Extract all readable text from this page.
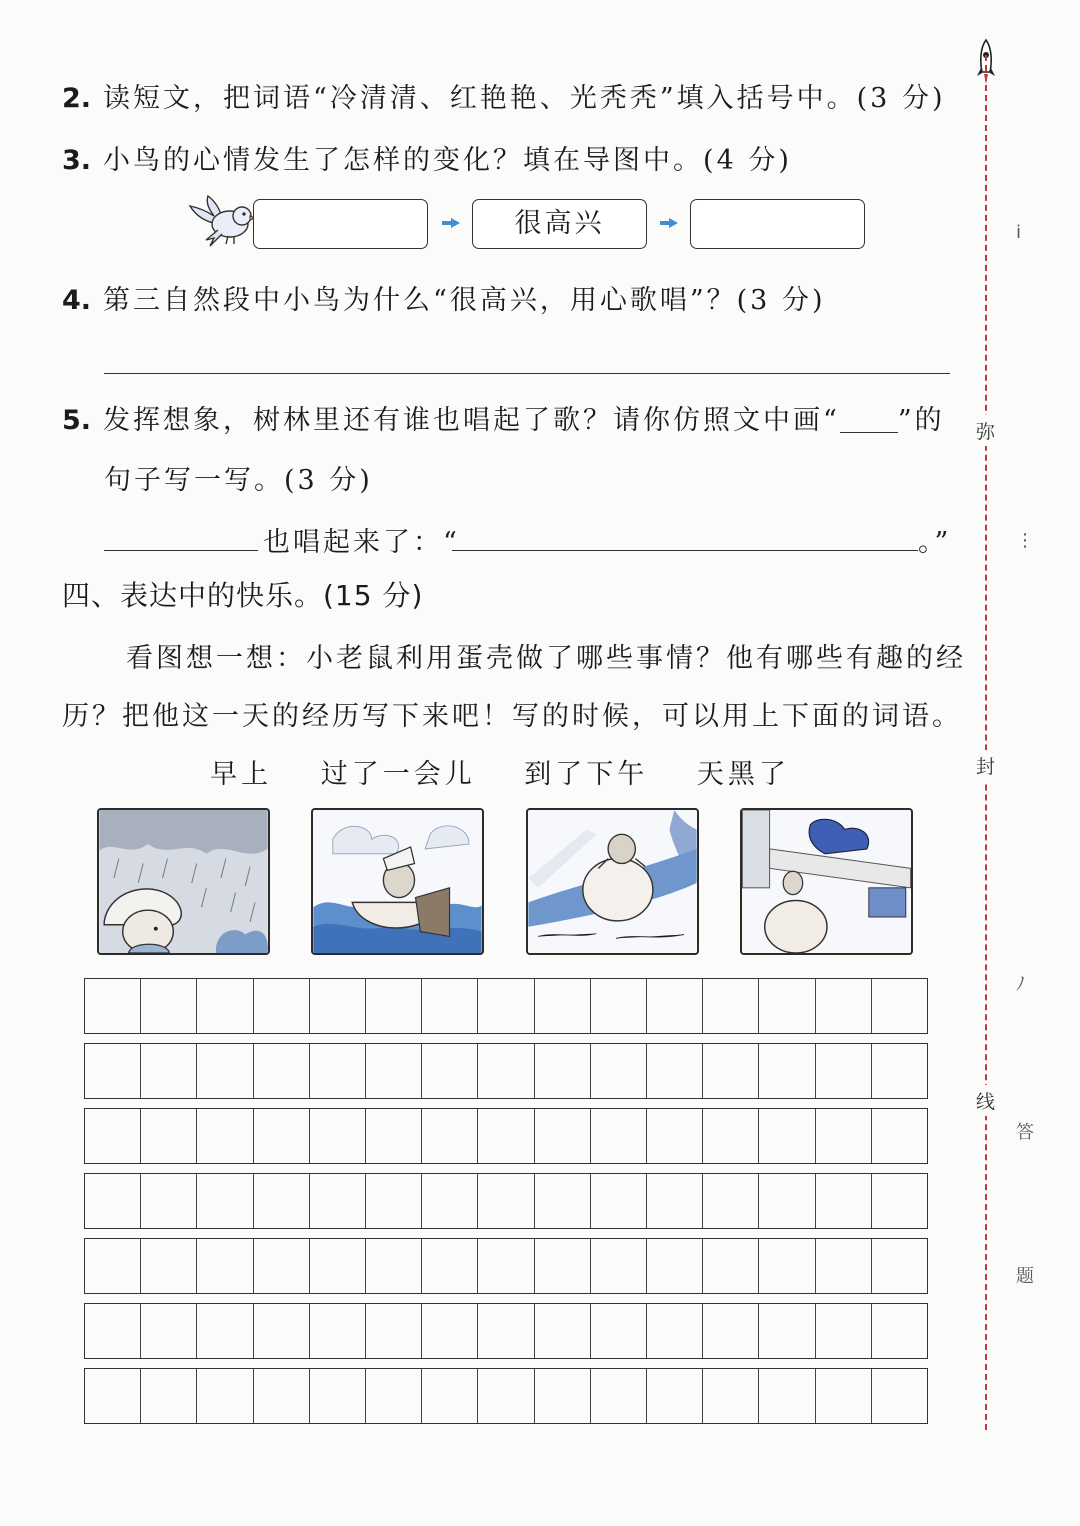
2. 读短文，把词语“冷清清、红艳艳、光秃秃”填入括号中。(3 分)
3. 小鸟的心情发生了怎样的变化？填在导图中。(4 分)
很高兴
4. 第三自然段中小鸟为什么“很高兴，用心歌唱”？(3 分)
5. 发挥想象，树林里还有谁也唱起了歌？请你仿照文中画“ ”的
句子写一写。(3 分)
也唱起来了：“	。”
四、表达中的快乐。(15 分)
看图想一想：小老鼠利用蛋壳做了哪些事情？他有哪些有趣的经
历？把他这一天的经历写下来吧！写的时候，可以用上下面的词语。
早上 过了一会儿 到了下午 天黑了
弥
封
线
i
⋮
ﾉ
答
题
